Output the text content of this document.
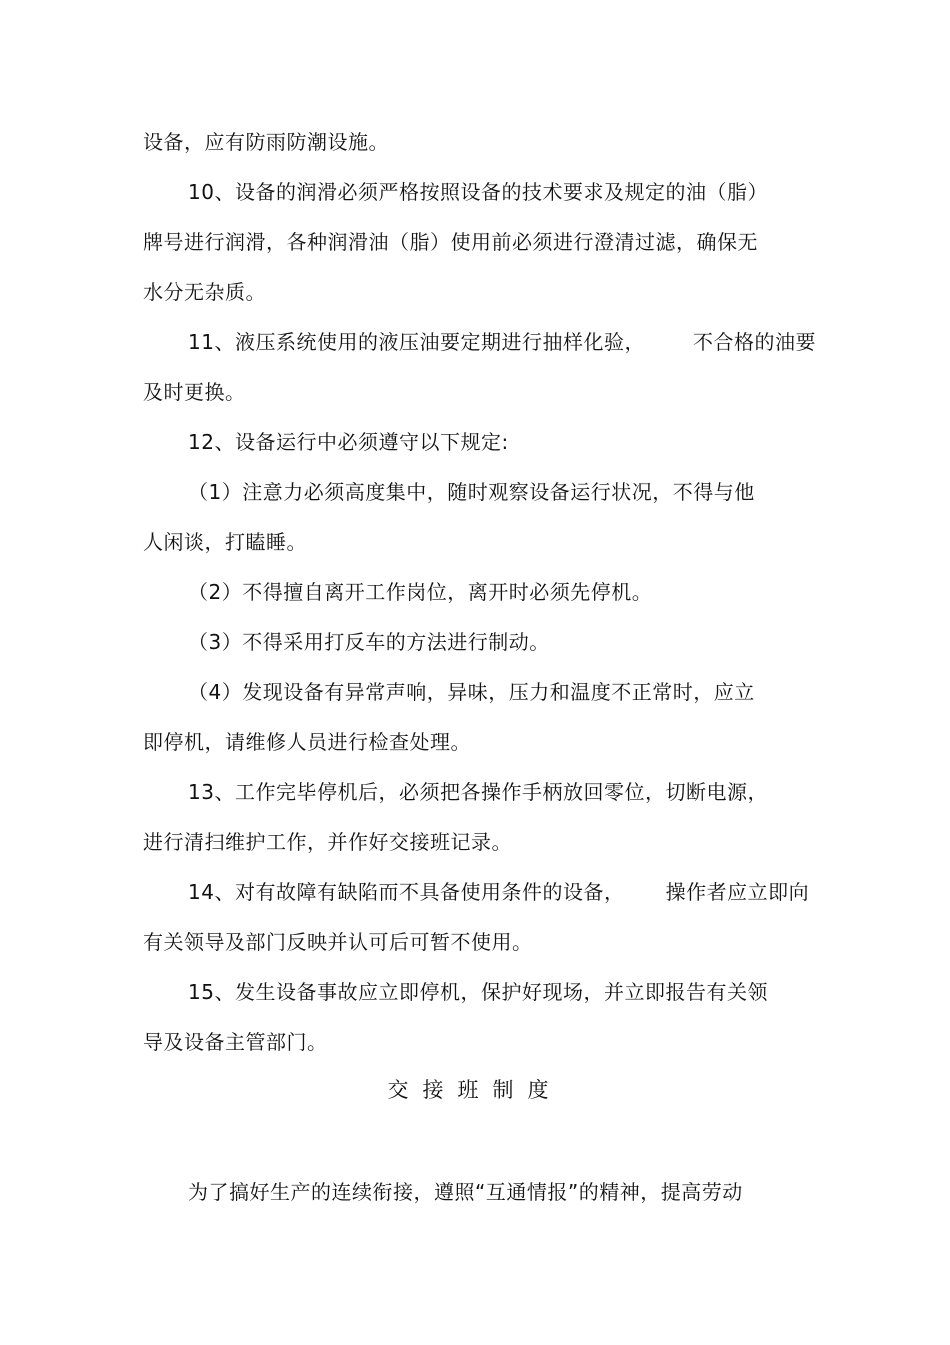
设备，应有防雨防潮设施。
10、设备的润滑必须严格按照设备的技术要求及规定的油（脂）
牌号进行润滑，各种润滑油（脂）使用前必须进行澄清过滤，确保无
水分无杂质。
11、液压系统使用的液压油要定期进行抽样化验，       不合格的油要
及时更换。
12、设备运行中必须遵守以下规定:
（1）注意力必须高度集中，随时观察设备运行状况，不得与他
人闲谈，打瞌睡。
（2）不得擅自离开工作岗位，离开时必须先停机。
（3）不得采用打反车的方法进行制动。
（4）发现设备有异常声响，异味，压力和温度不正常时，应立
即停机，请维修人员进行检查处理。
13、工作完毕停机后，必须把各操作手柄放回零位，切断电源，
进行清扫维护工作，并作好交接班记录。
14、对有故障有缺陷而不具备使用条件的设备，      操作者应立即向
有关领导及部门反映并认可后可暂不使用。
15、发生设备事故应立即停机，保护好现场，并立即报告有关领
导及设备主管部门。
交接班制度
为了搞好生产的连续衔接，遵照“互通情报”的精神，提高劳动
